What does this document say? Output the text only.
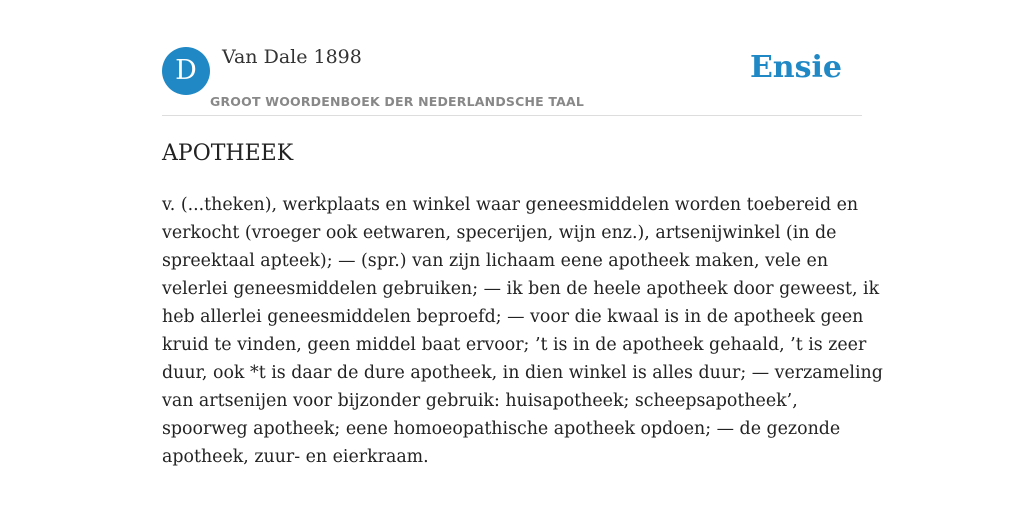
D	Van Dale 1898
GROOT WOORDENBOEK DER NEDERLANDSCHE TAAL
Ensie
APOTHEEK
v. (...theken), werkplaats en winkel waar geneesmiddelen worden toebereid en
verkocht (vroeger ook eetwaren, specerijen, wijn enz.), artsenijwinkel (in de
spreektaal apteek); — (spr.) van zijn lichaam eene apotheek maken, vele en
velerlei geneesmiddelen gebruiken; — ik ben de heele apotheek door geweest, ik
heb allerlei geneesmiddelen beproefd; — voor die kwaal is in de apotheek geen
kruid te vinden, geen middel baat ervoor; ’t is in de apotheek gehaald, ’t is zeer
duur, ook *t is daar de dure apotheek, in dien winkel is alles duur; — verzameling
van artsenijen voor bijzonder gebruik: huisapotheek; scheepsapotheek’,
spoorweg apotheek; eene homoeopathische apotheek opdoen; — de gezonde
apotheek, zuur- en eierkraam.
